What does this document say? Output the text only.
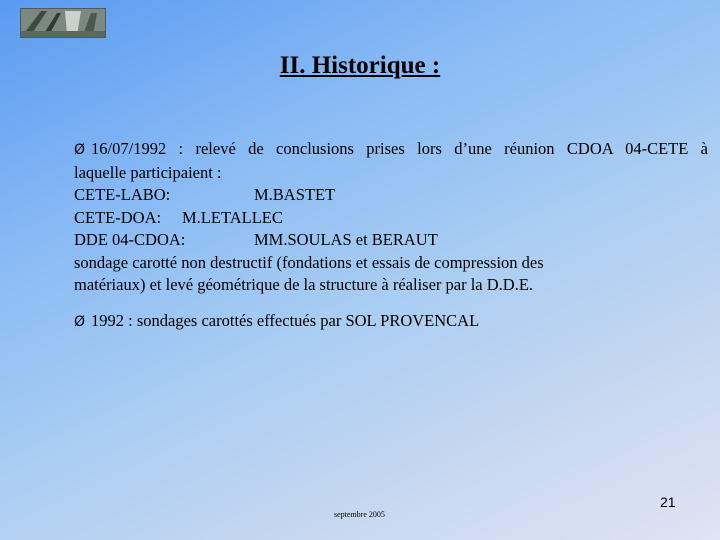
II. Historique :
Ø 16/07/1992 : relevé de conclusions prises lors d’une réunion CDOA 04-CETE à
laquelle participaient :
CETE-LABO:	M.BASTET
CETE-DOA: M.LETALLEC
DDE 04-CDOA:	MM.SOULAS et BERAUT
sondage carotté non destructif (fondations et essais de compression des
matériaux) et levé géométrique de la structure à réaliser par la D.D.E.
Ø 1992 : sondages carottés effectués par SOL PROVENCAL
septembre 2005
21
